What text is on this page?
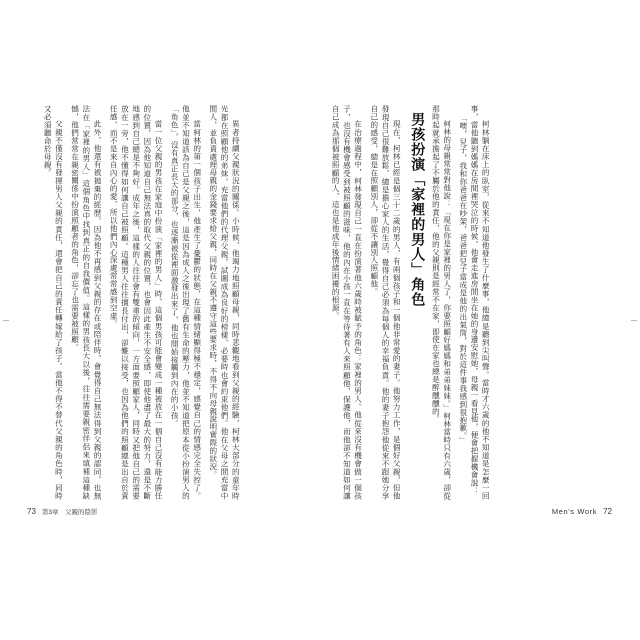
異者持續父親狀況的關係。小時候，他竭力地照顧母親，同時悲觀地看到父親的經驗，柯林大部分的童年時光都在照顧他的弟妹，充當他們的代理父親，試圖成為良好的榜樣，必要時也會約束他們。他在父母之間充當中間人，並負責處理母親的金錢要求給父親，同時在父親不遵守這些要求時，不得不向母親說明實際的狀況。

當柯林的第一個孩子出生，他產生了憂鬱的狀態，在這種情緒顯得極不穩定，感覺自己的情感完全失控了。他並不知道該為自己是父親之後，這是因為成人之後出現了舊有生命的壓力，他並不知道把原本從小扮演男人的「角色」，沒有真正長大的部分，也逐漸被從裡面激發出來了，他也開始接觸到內在的小孩。

當一位父親的男孩在家庭中扮演「家裡的男人」時，這個男孩可能會變成一種被放在一個自己沒有能力勝任的位置，因為他知道自己無法真的取代父親的位置，也會因此產生不安全感，即使他盡了最大的努力，還是不斷地感到自己總是不夠好。成年之後，這樣的人往往會有雙重的傾向，一方面要照顧家人，同時又把他自己的需要放在一旁，他不懂得如何讓自己被照顧。這種男人往往擅長付出，卻難以接受，也因為他們的照顧總是出自於責任感，而不是來自內心的愛，所以他們內心深處常常感到空虛。

此外，他還有被拋棄的經歷，因為他不再感到父親的存在或陪伴時，會覺得自己無法得到父親的認同，也無法在「家裡的男人」這個角色中找到真正的自我價值。這樣的男孩長大以後，往往需要親密伴侶來填補這種缺憾，他們常常在親密關係中扮演照顧者的角色，卻忘了也需要被照顧。

父親不僅沒有發揮男人父親的責任，還會把自己的責任轉嫁給了孩子。當他不得不替代父親的角色時，同時又必須聽命於母親。	柯林躺在床上的臥室，從來不知道他發生了什麼事，他總是聽到尖叫聲。當時才六歲的他不知道是怎麼一回事，當他聽到媽媽在房間裡哭泣的時候，他會走進房間坐在她的身邊安慰她，母親一看見他，便會把握機會說：

「噢，兒子，我和你爸爸在吵架，爸爸把兒子當成是他的出氣筒，對於這件事我感到很抱歉。」

柯林的母親常常對他說：「現在你是家裡的男人了，你要照顧好媽媽和弟弟妹妹。」柯林當時只有六歲，卻從那時起就承擔起了不屬於他的責任，他的父親則是經常不在家，即使在家也總是醉醺醺的。

男孩扮演「家裡的男人」角色

現在，柯林已經是個三十二歲的男人，有兩個孩子和一個他非常愛的妻子。他努力工作，是個好父親，但他發現自己很難放鬆，總是擔心家人的生活，覺得自己必須為每個人的幸福負責。他的妻子抱怨他從來不跟她分享自己的感受，總是在照顧別人，卻從不讓別人照顧他。

在治療過程中，柯林發現自己一直在扮演著他六歲時被賦予的角色：家裡的男人。他從來沒有機會做一個孩子，也沒有機會感受到被照顧的滋味，他的內在小孩一直在等待著有人來照顧他、保護他，而他卻不知道如何讓自己成為那個被照顧的人，這也是他成年後情緒困擾的根源。

73 第3章　父親的陰影	Men's Work 72
